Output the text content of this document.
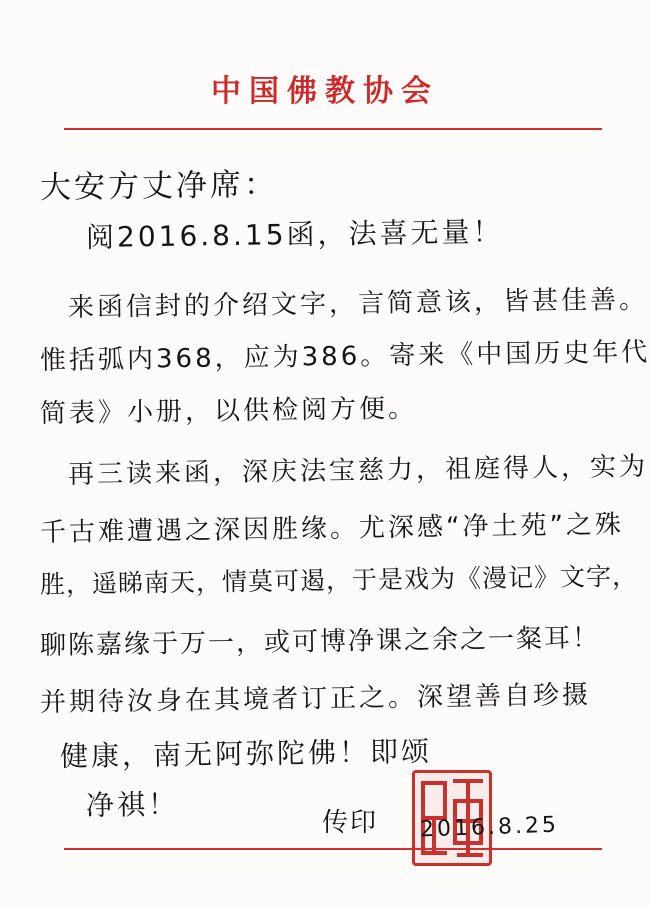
中国佛教协会
大安方丈净席：
阅2016.8.15函，法喜无量！
来函信封的介绍文字，言简意该，皆甚佳善。
惟括弧内368，应为386。寄来《中国历史年代
简表》小册，以供检阅方便。
再三读来函，深庆法宝慈力，祖庭得人，实为
千古难遭遇之深因胜缘。尤深感“净土苑”之殊
胜，遥睇南天，情莫可遏，于是戏为《漫记》文字，
聊陈嘉缘于万一，或可博净课之余之一粲耳！
并期待汝身在其境者订正之。深望善自珍摄
健康，南无阿弥陀佛！即颂
净祺！
传印 2016.8.25
